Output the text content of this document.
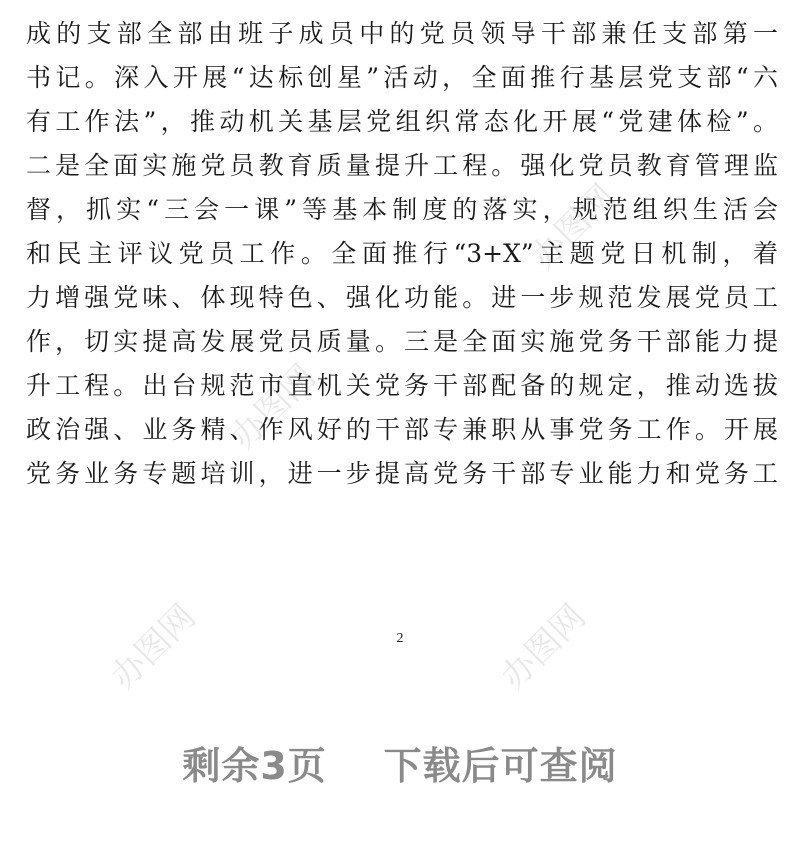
办图网
办图网
办图网	办图网
成的支部全部由班子成员中的党员领导干部兼任支部第一
书记。深入开展“达标创星”活动，全面推行基层党支部“六
有工作法”，推动机关基层党组织常态化开展“党建体检”。
二是全面实施党员教育质量提升工程。强化党员教育管理监
督，抓实“三会一课”等基本制度的落实，规范组织生活会
和民主评议党员工作。全面推行“3+X”主题党日机制，着
力增强党味、体现特色、强化功能。进一步规范发展党员工
作，切实提高发展党员质量。三是全面实施党务干部能力提
升工程。出台规范市直机关党务干部配备的规定，推动选拔
政治强、业务精、作风好的干部专兼职从事党务工作。开展
党务业务专题培训，进一步提高党务干部专业能力和党务工
2
剩余3页    下载后可查阅
